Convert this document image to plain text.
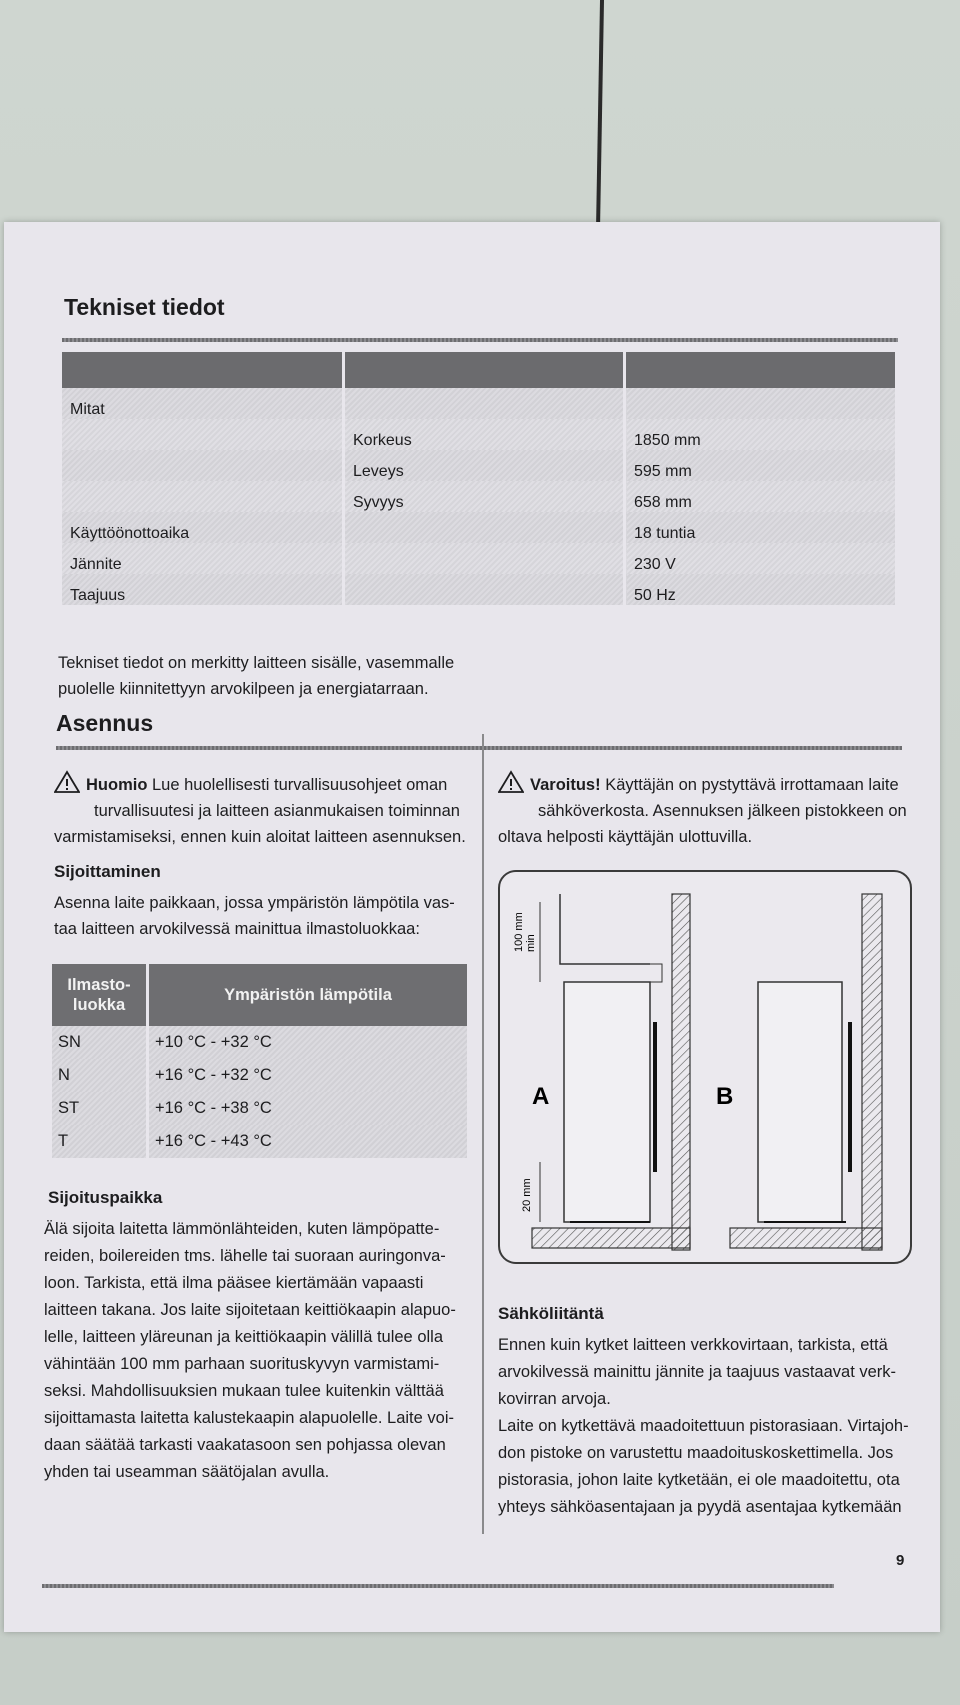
Tekniset tiedot

Mitat		
	Korkeus	1850 mm
	Leveys	595 mm
	Syvyys	658 mm
Käyttöönottoaika		18 tuntia
Jännite		230 V
Taajuus		50 Hz
Tekniset tiedot on merkitty laitteen sisälle, vasemmalle
puolelle kiinnitettyyn arvokilpeen ja energiatarraan.
Asennus
Huomio Lue huolellisesti turvallisuusohjeet oman
turvallisuutesi ja laitteen asianmukaisen toiminnan
varmistamiseksi, ennen kuin aloitat laitteen asennuksen.
Sijoittaminen
Asenna laite paikkaan, jossa ympäristön lämpötila vas-
taa laitteen arvokilvessä mainittua ilmastoluokkaa:
Ilmasto-
luokka	Ympäristön lämpötila
SN	+10 °C - +32 °C
N	+16 °C - +32 °C
ST	+16 °C - +38 °C
T	+16 °C - +43 °C
Sijoituspaikka
Älä sijoita laitetta lämmönlähteiden, kuten lämpöpatte-
reiden, boilereiden tms. lähelle tai suoraan auringonva-
loon. Tarkista, että ilma pääsee kiertämään vapaasti
laitteen takana. Jos laite sijoitetaan keittiökaapin alapuo-
lelle, laitteen yläreunan ja keittiökaapin välillä tulee olla
vähintään 100 mm parhaan suorituskyvyn varmistami-
seksi. Mahdollisuuksien mukaan tulee kuitenkin välttää
sijoittamasta laitetta kalustekaapin alapuolelle. Laite voi-
daan säätää tarkasti vaakatasoon sen pohjassa olevan
yhden tai useamman säätöjalan avulla.
Varoitus! Käyttäjän on pystyttävä irrottamaan laite
sähköverkosta. Asennuksen jälkeen pistokkeen on
oltava helposti käyttäjän ulottuvilla.
100 mm min
20 mm
A	B
Sähköliitäntä
Ennen kuin kytket laitteen verkkovirtaan, tarkista, että
arvokilvessä mainittu jännite ja taajuus vastaavat verk-
kovirran arvoja.
Laite on kytkettävä maadoitettuun pistorasiaan. Virtajoh-
don pistoke on varustettu maadoituskoskettimella. Jos
pistorasia, johon laite kytketään, ei ole maadoitettu, ota
yhteys sähköasentajaan ja pyydä asentajaa kytkemään
9
